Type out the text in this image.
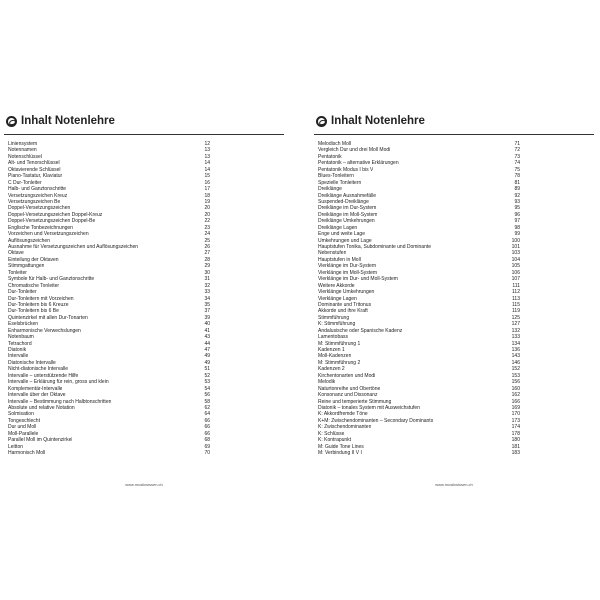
Inhalt Notenlehre
Liniensystem	12
Notennamen	13
Notenschlüssel	13
Alt- und Tenorschlüssel	14
Oktavierende Schlüssel	14
Piano-Tastatur, Klaviatur	15
C Dur-Tonleiter	16
Halb- und Ganztonschritte	17
Versetzungszeichen Kreuz	18
Versetzungszeichen Be	19
Doppel-Versetzungszeichen	20
Doppel-Versetzungszeichen Doppel-Kreuz	20
Doppel-Versetzungszeichen Doppel-Be	22
Englische Tonbezeichnungen	23
Vorzeichen und Versetzungszeichen	24
Auflösungszeichen	25
Ausnahme für Versetzungszeichen und Auflösungszeichen	26
Oktave	27
Einteilung der Oktaven	28
Stimmgattungen	29
Tonleiter	30
Symbole für Halb- und Ganztonschritte	31
Chromatische Tonleiter	32
Dur-Tonleiter	33
Dur-Tonleitern mit Vorzeichen	34
Dur-Tonleitern bis 6 Kreuze	35
Dur-Tonleitern bis 6 Be	37
Quintenzirkel mit allen Dur-Tonarten	39
Eselsbrücken	40
Enharmonische Verwechslungen	41
Notenbaum	43
Tetrachord	44
Diatonik	47
Intervalle	49
Diatonische Intervalle	49
Nicht-diatonische Intervalle	51
Intervalle – unterstützende Hilfe	52
Intervalle – Erklärung für rein, gross und klein	53
Komplementär-Intervalle	54
Intervalle über der Oktave	56
Intervalle – Bestimmung nach Halbtonschritten	58
Absolute und relative Notation	62
Solmisation	64
Tongeschlecht	66
Dur und Moll	66
Moll-Parallele	66
Parallel Moll im Quintenzirkel	68
Leitton	69
Harmonisch Moll	70
www.musikwissen.ch
Inhalt Notenlehre
Melodisch Moll	71
Vergleich Dur und drei Moll Modi	72
Pentatonik	73
Pentatonik – alternative Erklärungen	74
Pentatonik Modus I bis V	75
Blues-Tonleitern	78
Spezielle Tonleitern	81
Dreiklänge	89
Dreiklänge Ausnahmefälle	92
Suspended-Dreiklänge	93
Dreiklänge im Dur-System	95
Dreiklänge im Moll-System	96
Dreiklänge Umkehrungen	97
Dreiklänge Lagen	98
Enge und weite Lage	99
Umkehrungen und Lage	100
Hauptstufen Tonika, Subdominante und Dominante	101
Nebenstufen	103
Hauptstufen in Moll	104
Vierklänge im Dur-System	105
Vierklänge im Moll-System	106
Vierklänge im Dur- und Moll-System	107
Weitere Akkorde	111
Vierklänge Umkehrungen	112
Vierklänge Lagen	113
Dominante und Tritonus	115
Akkorde und ihre Kraft	119
Stimmführung	125
K: Stimmführung	127
Andalusische oder Spanische Kadenz	132
Lamentobass	133
M: Stimmführung 1	134
Kadenzen 1	136
Moll-Kadenzen	143
M: Stimmführung 2	146
Kadenzen 2	152
Kirchentonarten und Modi	153
Melodik	156
Naturtonreihe und Obertöne	160
Konsonanz und Dissonanz	162
Reine und temperierte Stimmung	166
Diatonik – tonales System mit Ausweichstufen	169
K: Akkordfremde Töne	170
K+M: Zwischendominanten – Secondary Dominants	173
K: Zwischendominanten	174
K: Schlüsse	178
K: Kontrapunkt	180
M: Guide Tone Lines	181
M: Verbindung II V I	183
www.musikwissen.ch
